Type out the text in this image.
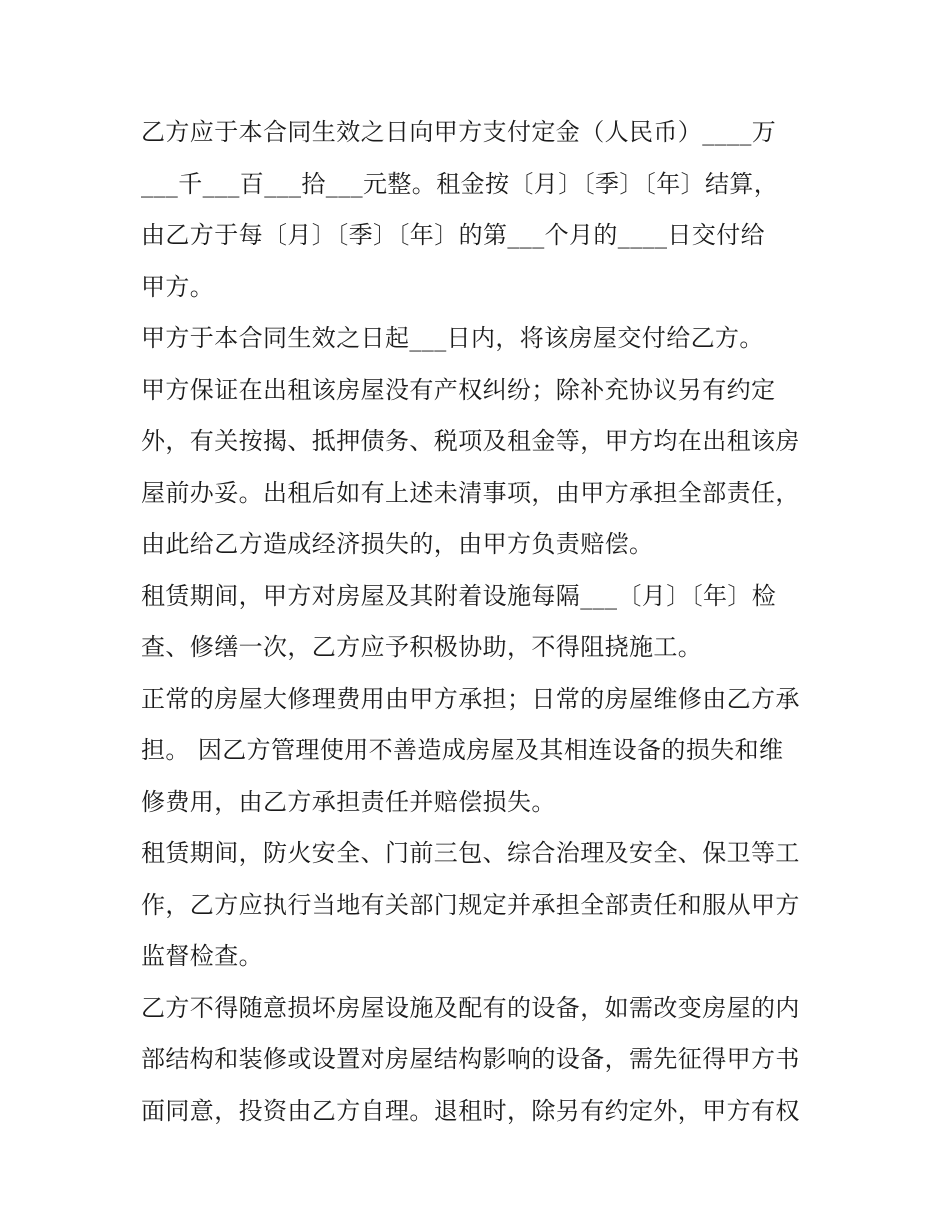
乙方应于本合同生效之日向甲方支付定金（人民币）____万
___千___百___拾___元整。租金按〔月〕〔季〕〔年〕结算，
由乙方于每〔月〕〔季〕〔年〕的第___个月的____日交付给
甲方。
甲方于本合同生效之日起___日内，将该房屋交付给乙方。
甲方保证在出租该房屋没有产权纠纷；除补充协议另有约定
外，有关按揭、抵押债务、税项及租金等，甲方均在出租该房
屋前办妥。出租后如有上述未清事项，由甲方承担全部责任，
由此给乙方造成经济损失的，由甲方负责赔偿。
租赁期间，甲方对房屋及其附着设施每隔___〔月〕〔年〕检
查、修缮一次，乙方应予积极协助，不得阻挠施工。
正常的房屋大修理费用由甲方承担；日常的房屋维修由乙方承
担。 因乙方管理使用不善造成房屋及其相连设备的损失和维
修费用，由乙方承担责任并赔偿损失。
租赁期间，防火安全、门前三包、综合治理及安全、保卫等工
作，乙方应执行当地有关部门规定并承担全部责任和服从甲方
监督检查。
乙方不得随意损坏房屋设施及配有的设备，如需改变房屋的内
部结构和装修或设置对房屋结构影响的设备，需先征得甲方书
面同意，投资由乙方自理。退租时，除另有约定外，甲方有权
